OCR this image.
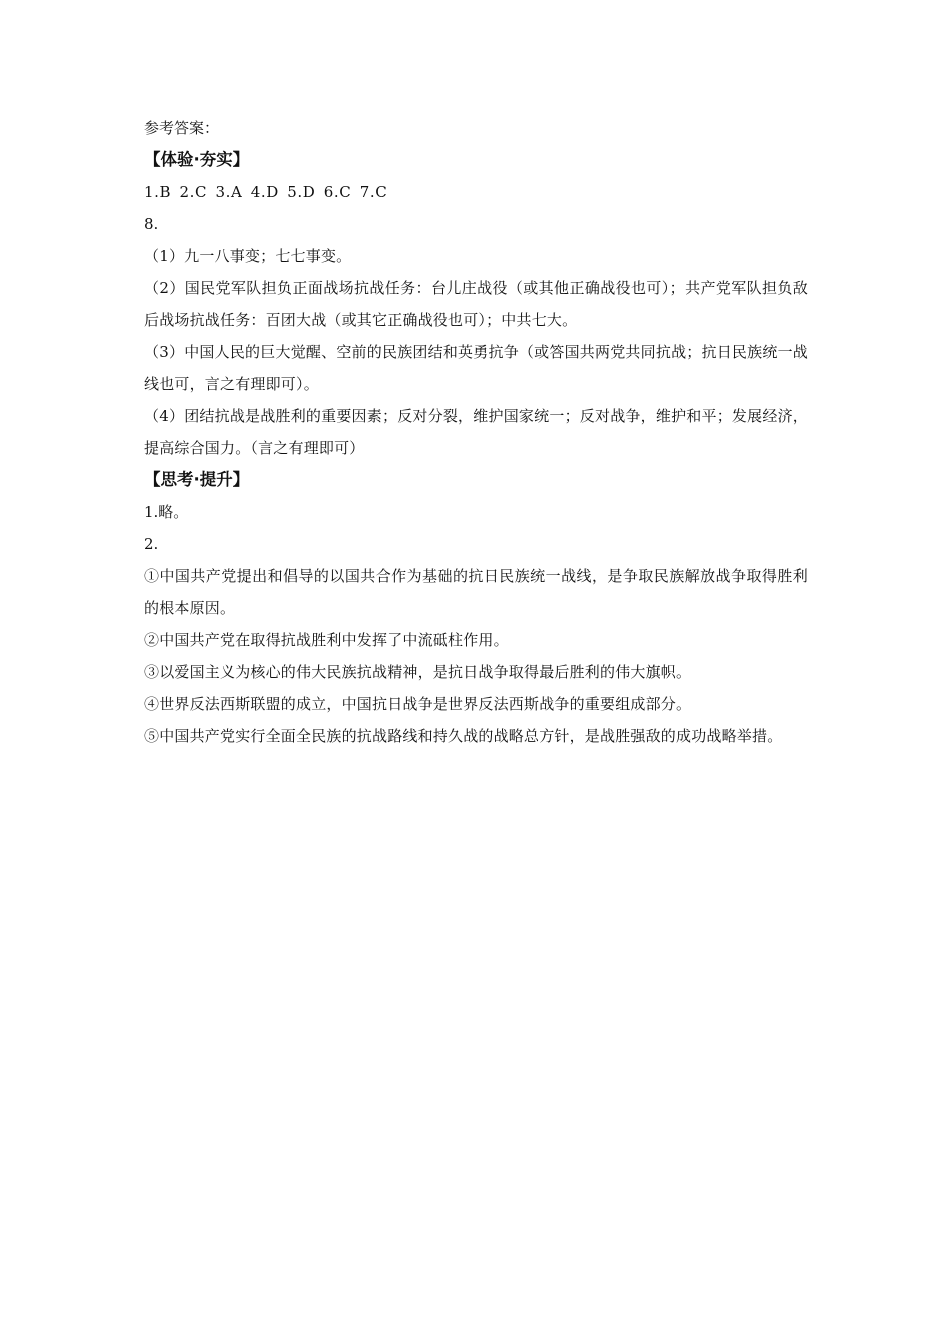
参考答案：
【体验·夯实】
1.B 2.C 3.A 4.D 5.D 6.C 7.C
8.
（1）九一八事变；七七事变。
（2）国民党军队担负正面战场抗战任务：台儿庄战役（或其他正确战役也可）；共产党军队担负敌后战场抗战任务：百团大战（或其它正确战役也可）；中共七大。
（3）中国人民的巨大觉醒、空前的民族团结和英勇抗争（或答国共两党共同抗战；抗日民族统一战线也可，言之有理即可）。
（4）团结抗战是战胜利的重要因素；反对分裂，维护国家统一；反对战争，维护和平；发展经济，提高综合国力。（言之有理即可）
【思考·提升】
1.略。
2.
①中国共产党提出和倡导的以国共合作为基础的抗日民族统一战线，是争取民族解放战争取得胜利的根本原因。
②中国共产党在取得抗战胜利中发挥了中流砥柱作用。
③以爱国主义为核心的伟大民族抗战精神，是抗日战争取得最后胜利的伟大旗帜。
④世界反法西斯联盟的成立，中国抗日战争是世界反法西斯战争的重要组成部分。
⑤中国共产党实行全面全民族的抗战路线和持久战的战略总方针，是战胜强敌的成功战略举措。
